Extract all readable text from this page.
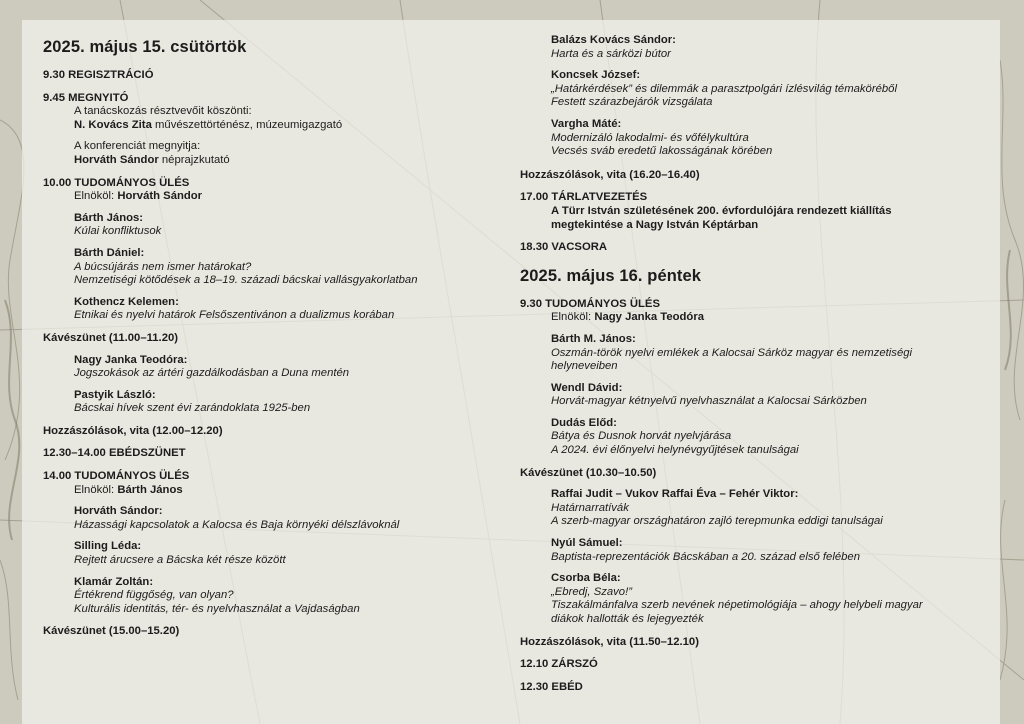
2025. május 15. csütörtök
9.30 REGISZTRÁCIÓ
9.45 MEGNYITÓ
A tanácskozás résztvevőit köszönti:
N. Kovács Zita művészettörténész, múzeumigazgató
A konferenciát megnyitja:
Horváth Sándor néprajzkutató
10.00 TUDOMÁNYOS ÜLÉS
Elnököl: Horváth Sándor
Bárth János:
Kúlai konfliktusok
Bárth Dániel:
A búcsújárás nem ismer határokat?
Nemzetiségi kötődések a 18–19. századi bácskai vallásgyakorlatban
Kothencz Kelemen:
Etnikai és nyelvi határok Felsőszentivánon a dualizmus korában
Kávészünet (11.00–11.20)
Nagy Janka Teodóra:
Jogszokások az ártéri gazdálkodásban a Duna mentén
Pastyik László:
Bácskai hívek szent évi zarándoklata 1925-ben
Hozzászólások, vita (12.00–12.20)
12.30–14.00 EBÉDSZÜNET
14.00 TUDOMÁNYOS ÜLÉS
Elnököl: Bárth János
Horváth Sándor:
Házassági kapcsolatok a Kalocsa és Baja környéki délszlávoknál
Silling Léda:
Rejtett árucsere a Bácska két része között
Klamár Zoltán:
Értékrend függőség, van olyan?
Kulturális identitás, tér- és nyelvhasználat a Vajdaságban
Kávészünet (15.00–15.20)
Balázs Kovács Sándor:
Harta és a sárközi bútor
Koncsek József:
„Határkérdések” és dilemmák a parasztpolgári ízlésvilág témaköréből
Festett szárazbejárók vizsgálata
Vargha Máté:
Modernizáló lakodalmi- és vőfélykultúra
Vecsés sváb eredetű lakosságának körében
Hozzászólások, vita (16.20–16.40)
17.00 TÁRLATVEZETÉS
A Türr István születésének 200. évfordulójára rendezett kiállítás
megtekintése a Nagy István Képtárban
18.30 VACSORA
2025. május 16. péntek
9.30 TUDOMÁNYOS ÜLÉS
Elnököl: Nagy Janka Teodóra
Bárth M. János:
Oszmán-török nyelvi emlékek a Kalocsai Sárköz magyar és nemzetiségi
helyneveiben
Wendl Dávid:
Horvát-magyar kétnyelvű nyelvhasználat a Kalocsai Sárközben
Dudás Előd:
Bátya és Dusnok horvát nyelvjárása
A 2024. évi élőnyelvi helynévgyűjtések tanulságai
Kávészünet (10.30–10.50)
Raffai Judit – Vukov Raffai Éva – Fehér Viktor:
Határnarratívák
A szerb-magyar országhatáron zajló terepmunka eddigi tanulságai
Nyúl Sámuel:
Baptista-reprezentációk Bácskában a 20. század első felében
Csorba Béla:
„Ebredj, Szavo!”
Tiszakálmánfalva szerb nevének népetimológiája – ahogy helybeli magyar
diákok hallották és lejegyezték
Hozzászólások, vita (11.50–12.10)
12.10 ZÁRSZÓ
12.30 EBÉD
